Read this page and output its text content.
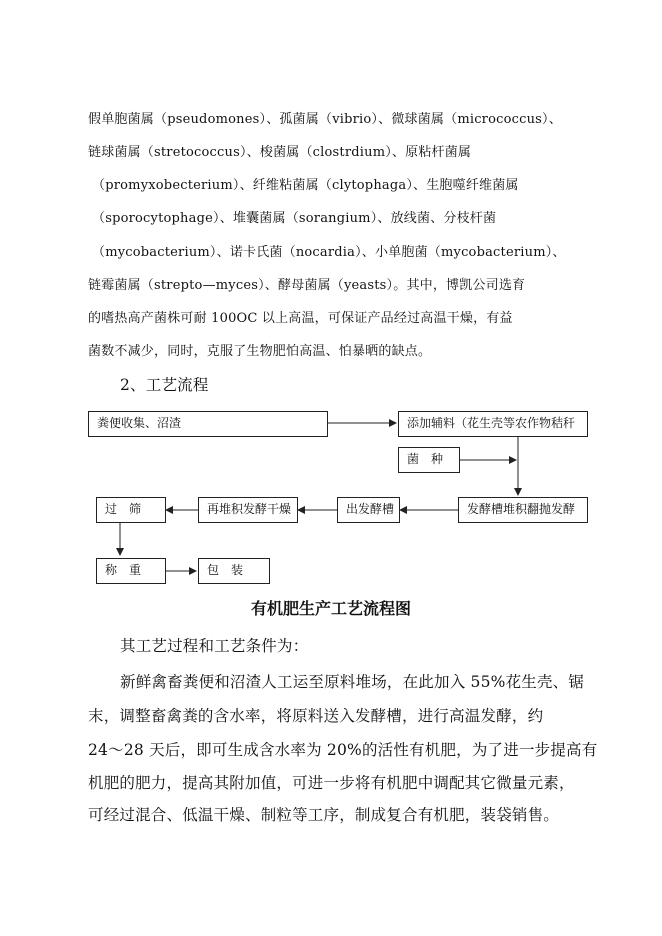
假单胞菌属（pseudomones）、孤菌属（vibrio）、微球菌属（micrococcus）、
链球菌属（stretococcus）、梭菌属（clostrdium）、原粘杆菌属
（promyxobecterium）、纤维粘菌属（clytophaga）、生胞噬纤维菌属
（sporocytophage）、堆囊菌属（sorangium）、放线菌、分枝杆菌
（mycobacterium）、诺卡氏菌（nocardia）、小单胞菌（mycobacterium）、
链霉菌属（strepto—myces）、酵母菌属（yeasts）。其中，博凯公司选育
的嗜热高产菌株可耐 100OC 以上高温，可保证产品经过高温干燥，有益
菌数不减少，同时，克服了生物肥怕高温、怕暴晒的缺点。
2、工艺流程
粪便收集、沼渣	添加辅料（花生壳等农作物秸秆
菌　种
发酵槽堆积翻抛发酵
出发酵槽
再堆积发酵干燥
过　筛
称　重	包　装
有机肥生产工艺流程图
其工艺过程和工艺条件为：
新鲜禽畜粪便和沼渣人工运至原料堆场，在此加入 55%花生壳、锯
末，调整畜禽粪的含水率，将原料送入发酵槽，进行高温发酵，约
24～28 天后，即可生成含水率为 20%的活性有机肥，为了进一步提高有
机肥的肥力，提高其附加值，可进一步将有机肥中调配其它微量元素，
可经过混合、低温干燥、制粒等工序，制成复合有机肥，装袋销售。
